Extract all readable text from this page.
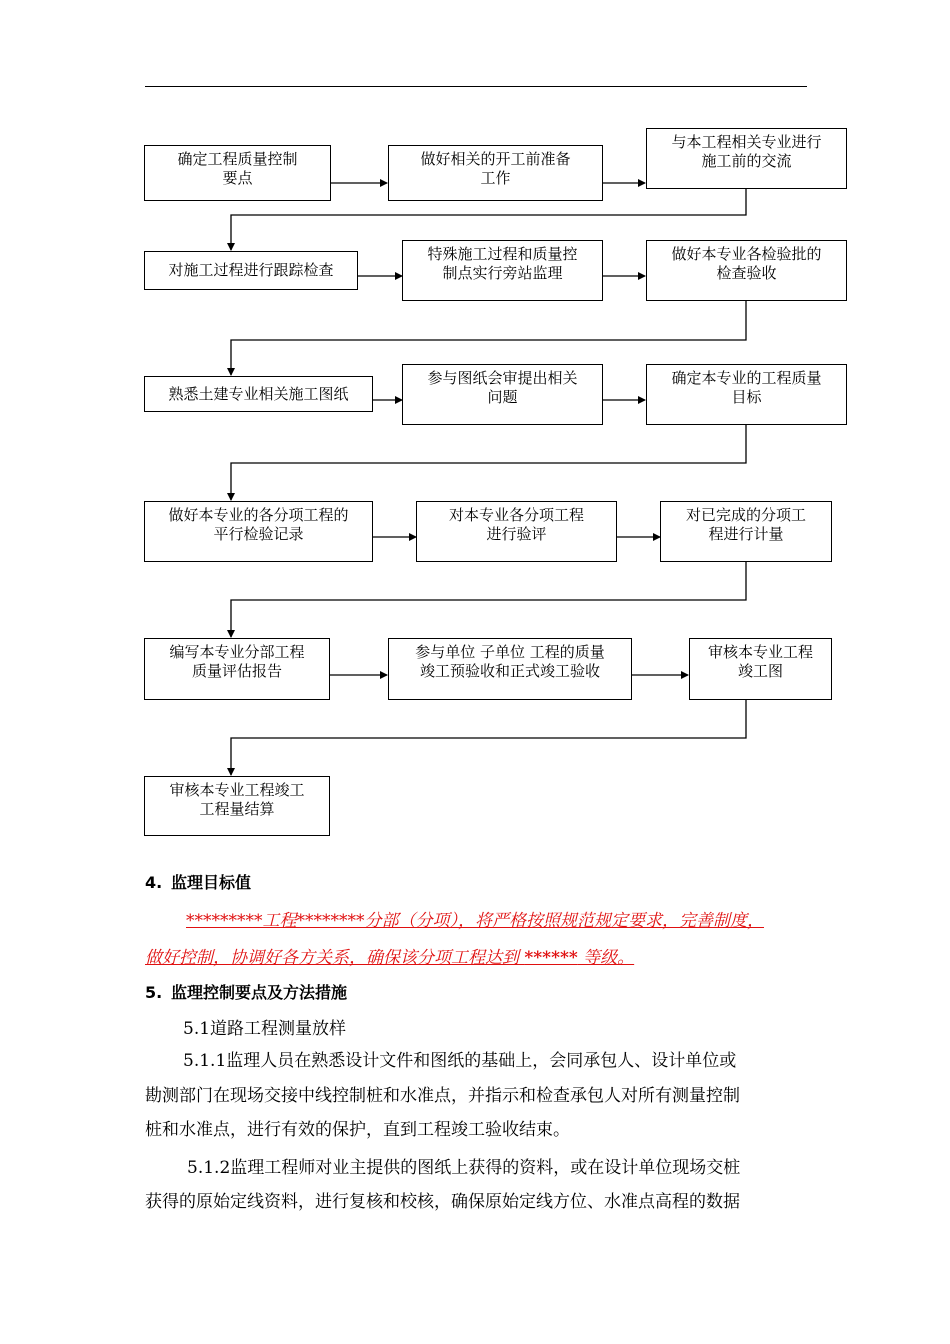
确定工程质量控制
要点
做好相关的开工前准备
工作
与本工程相关专业进行
施工前的交流
对施工过程进行跟踪检查
特殊施工过程和质量控
制点实行旁站监理
做好本专业各检验批的
检查验收
熟悉土建专业相关施工图纸
参与图纸会审提出相关
问题
确定本专业的工程质量
目标
做好本专业的各分项工程的
平行检验记录
对本专业各分项工程
进行验评
对已完成的分项工
程进行计量
编写本专业分部工程
质量评估报告
参与单位 子单位 工程的质量
竣工预验收和正式竣工验收
审核本专业工程
竣工图
审核本专业工程竣工
工程量结算
4. 监理目标值
*********工程********分部（分项），将严格按照规范规定要求，完善制度，
做好控制，协调好各方关系，确保该分项工程达到 ****** 等级。
5. 监理控制要点及方法措施
5.1道路工程测量放样
5.1.1监理人员在熟悉设计文件和图纸的基础上，会同承包人、设计单位或
勘测部门在现场交接中线控制桩和水准点，并指示和检查承包人对所有测量控制
桩和水准点，进行有效的保护，直到工程竣工验收结束。
5.1.2监理工程师对业主提供的图纸上获得的资料，或在设计单位现场交桩
获得的原始定线资料，进行复核和校核，确保原始定线方位、水准点高程的数据
